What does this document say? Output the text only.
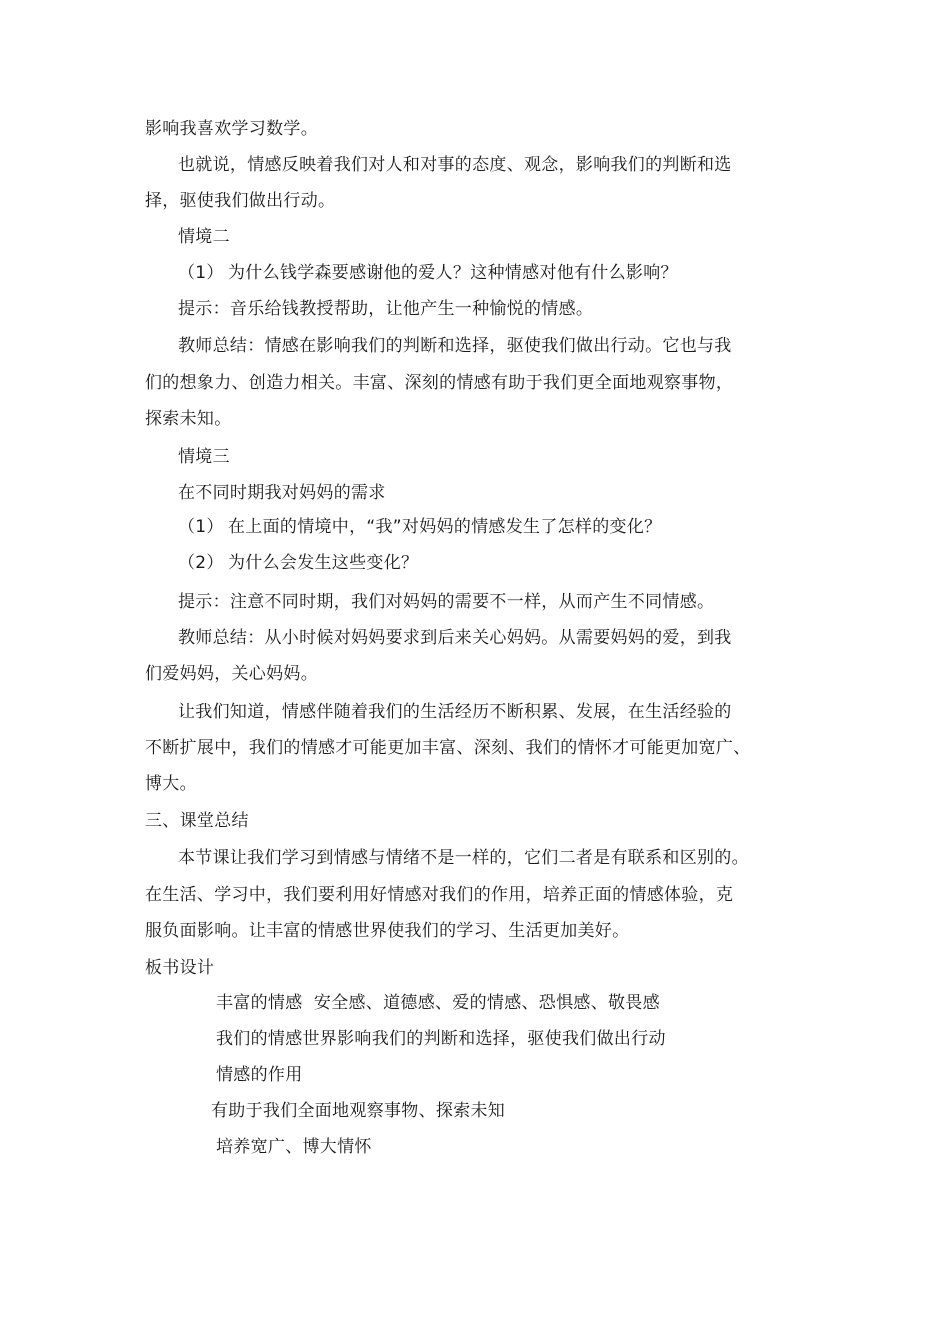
影响我喜欢学习数学。
也就说，情感反映着我们对人和对事的态度、观念，影响我们的判断和选
择，驱使我们做出行动。
情境二
（1） 为什么钱学森要感谢他的爱人？这种情感对他有什么影响？
提示：音乐给钱教授帮助，让他产生一种愉悦的情感。
教师总结：情感在影响我们的判断和选择，驱使我们做出行动。它也与我
们的想象力、创造力相关。丰富、深刻的情感有助于我们更全面地观察事物，
探索未知。
情境三
在不同时期我对妈妈的需求
（1） 在上面的情境中，“我”对妈妈的情感发生了怎样的变化？
（2） 为什么会发生这些变化？
提示：注意不同时期，我们对妈妈的需要不一样，从而产生不同情感。
教师总结：从小时候对妈妈要求到后来关心妈妈。从需要妈妈的爱，到我
们爱妈妈，关心妈妈。
让我们知道，情感伴随着我们的生活经历不断积累、发展，在生活经验的
不断扩展中，我们的情感才可能更加丰富、深刻、我们的情怀才可能更加宽广、
博大。
三、课堂总结
本节课让我们学习到情感与情绪不是一样的，它们二者是有联系和区别的。
在生活、学习中，我们要利用好情感对我们的作用，培养正面的情感体验，克
服负面影响。让丰富的情感世界使我们的学习、生活更加美好。
板书设计
丰富的情感  安全感、道德感、爱的情感、恐惧感、敬畏感
我们的情感世界影响我们的判断和选择，驱使我们做出行动
情感的作用
有助于我们全面地观察事物、探索未知
培养宽广、博大情怀
